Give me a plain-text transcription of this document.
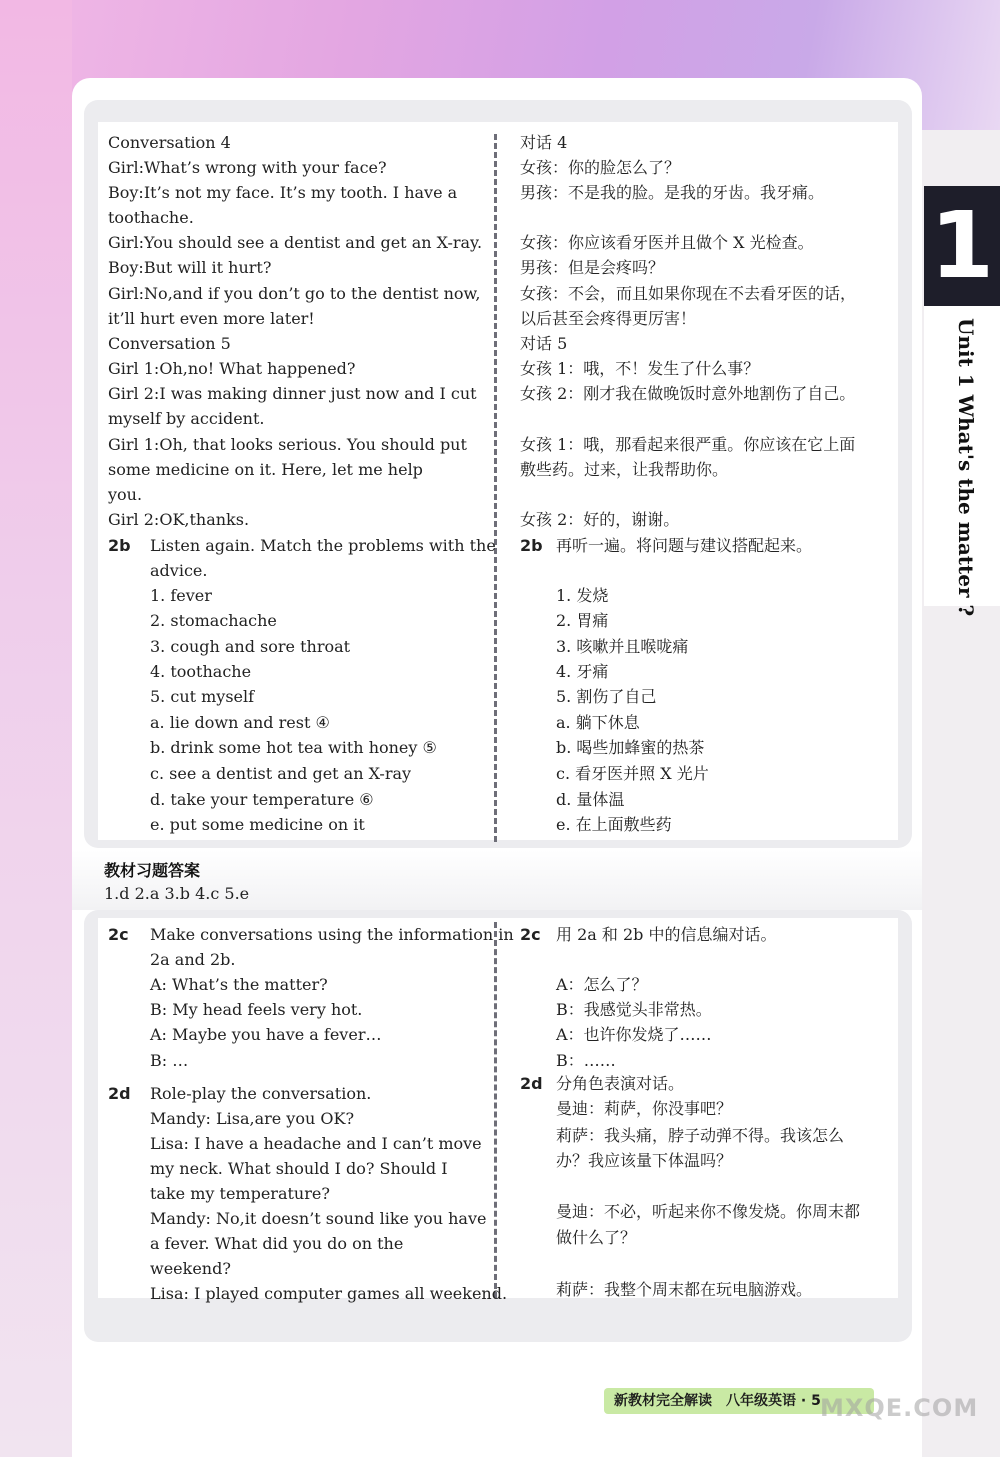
Conversation 4
Girl:What’s wrong with your face?
Boy:It’s not my face. It’s my tooth. I have a
toothache.
Girl:You should see a dentist and get an X-ray.
Boy:But will it hurt?
Girl:No,and if you don’t go to the dentist now,
it’ll hurt even more later!
Conversation 5
Girl 1:Oh,no! What happened?
Girl 2:I was making dinner just now and I cut
myself by accident.
Girl 1:Oh, that looks serious. You should put
some medicine on it. Here, let me help
you.
Girl 2:OK,thanks.
对话 4
女孩：你的脸怎么了？
男孩：不是我的脸。是我的牙齿。我牙痛。
女孩：你应该看牙医并且做个 X 光检查。
男孩：但是会疼吗？
女孩：不会，而且如果你现在不去看牙医的话，
以后甚至会疼得更厉害！
对话 5
女孩 1：哦，不！发生了什么事？
女孩 2：刚才我在做晚饭时意外地割伤了自己。
女孩 1：哦，那看起来很严重。你应该在它上面
敷些药。过来，让我帮助你。
女孩 2：好的，谢谢。
2b	2b
Listen again. Match the problems with the
advice.
1. fever
2. stomachache
3. cough and sore throat
4. toothache
5. cut myself
a. lie down and rest ④
b. drink some hot tea with honey ⑤
c. see a dentist and get an X-ray
d. take your temperature ⑥
e. put some medicine on it
再听一遍。将问题与建议搭配起来。
1. 发烧
2. 胃痛
3. 咳嗽并且喉咙痛
4. 牙痛
5. 割伤了自己
a. 躺下休息
b. 喝些加蜂蜜的热茶
c. 看牙医并照 X 光片
d. 量体温
e. 在上面敷些药
教材习题答案
1.d 2.a 3.b 4.c 5.e
2c	2c
Make conversations using the information in
2a and 2b.
A: What’s the matter?
B: My head feels very hot.
A: Maybe you have a fever…
B: …
用 2a 和 2b 中的信息编对话。
A：怎么了？
B：我感觉头非常热。
A：也许你发烧了……
B：……
2d
2d
Role-play the conversation.
Mandy: Lisa,are you OK?
Lisa: I have a headache and I can’t move
my neck. What should I do? Should I
take my temperature?
Mandy: No,it doesn’t sound like you have
a fever. What did you do on the
weekend?
Lisa: I played computer games all weekend.
分角色表演对话。
曼迪：莉萨，你没事吧？
莉萨：我头痛，脖子动弹不得。我该怎么
办？我应该量下体温吗？
曼迪：不必，听起来你不像发烧。你周末都
做什么了？
莉萨：我整个周末都在玩电脑游戏。
1
Unit 1 What's the matter ?
新教材完全解读　八年级英语 · 5 MXQE.COM
